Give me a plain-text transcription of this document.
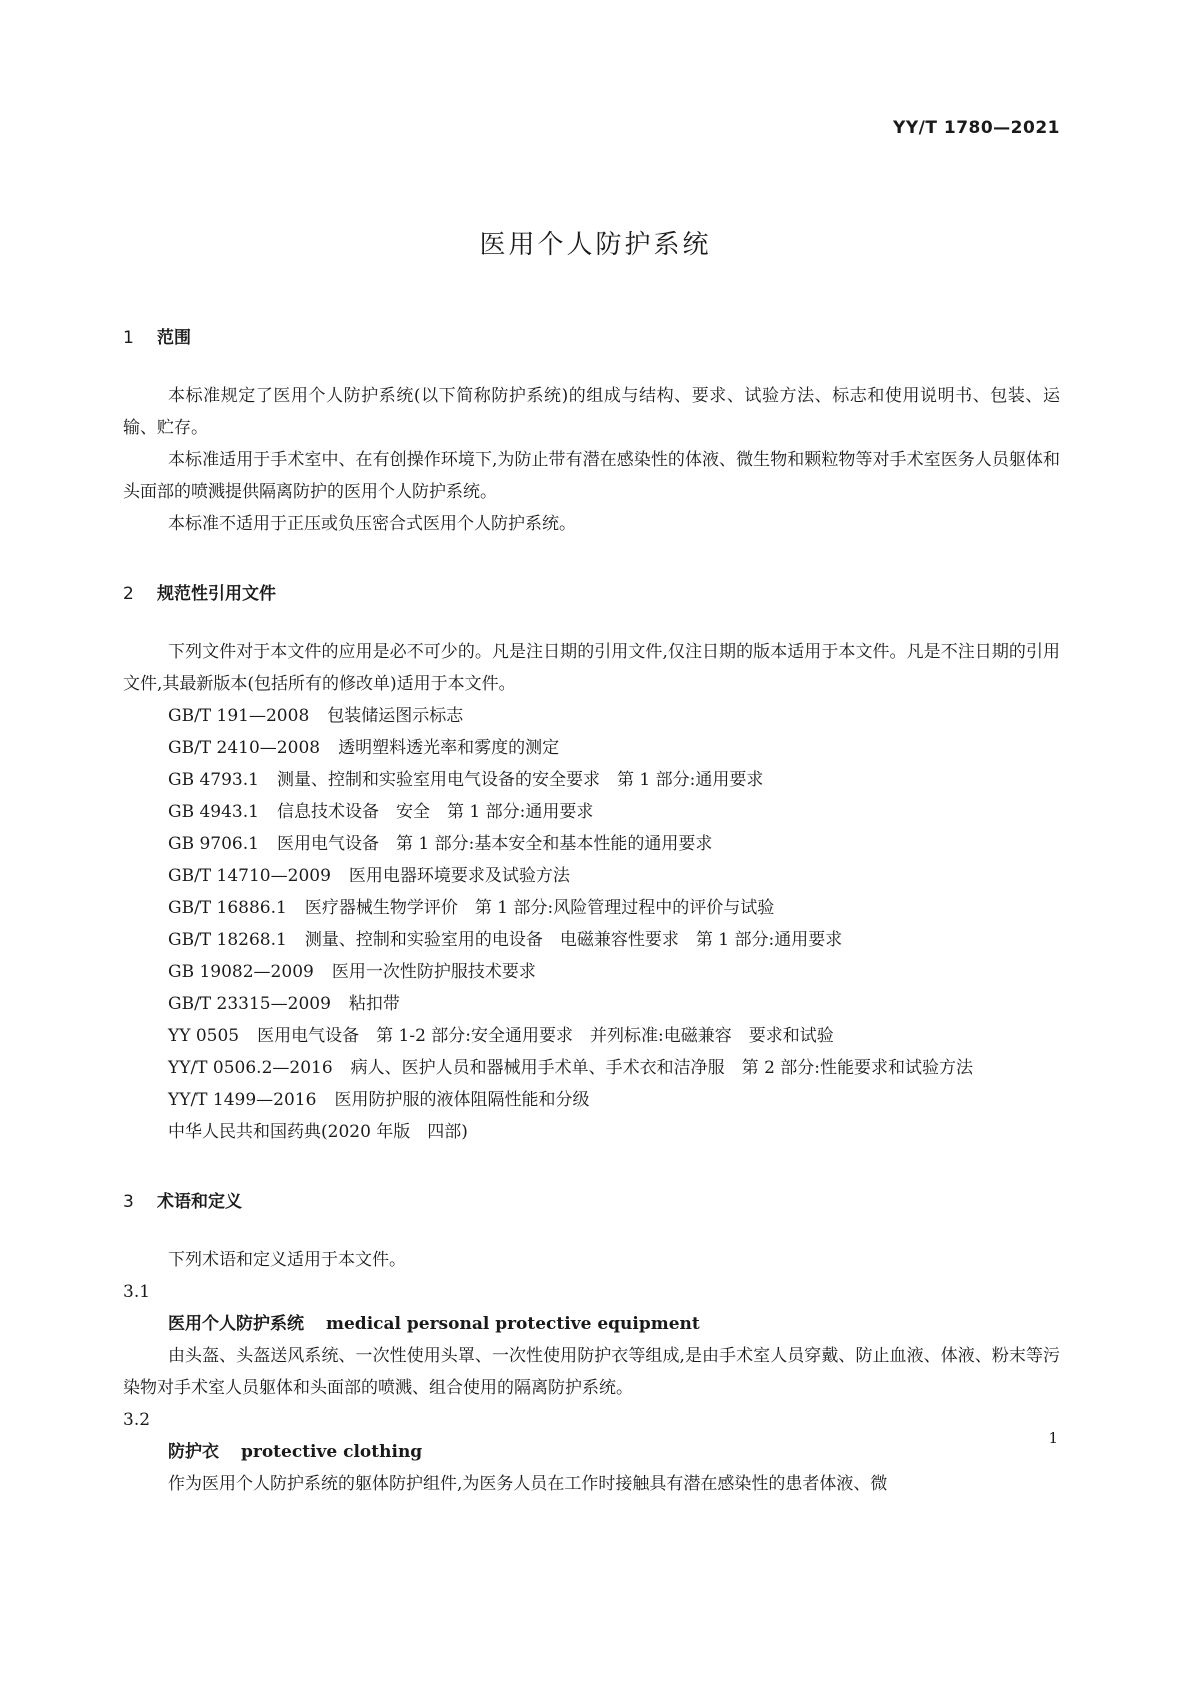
YY/T 1780—2021
医用个人防护系统
1 范围

本标准规定了医用个人防护系统(以下简称防护系统)的组成与结构、要求、试验方法、标志和使用说明书、包装、运输、贮存。

本标准适用于手术室中、在有创操作环境下,为防止带有潜在感染性的体液、微生物和颗粒物等对手术室医务人员躯体和头面部的喷溅提供隔离防护的医用个人防护系统。

本标准不适用于正压或负压密合式医用个人防护系统。

2 规范性引用文件

下列文件对于本文件的应用是必不可少的。凡是注日期的引用文件,仅注日期的版本适用于本文件。凡是不注日期的引用文件,其最新版本(包括所有的修改单)适用于本文件。

GB/T 191—2008 包装储运图示标志
GB/T 2410—2008 透明塑料透光率和雾度的测定
GB 4793.1 测量、控制和实验室用电气设备的安全要求　第 1 部分:通用要求
GB 4943.1 信息技术设备　安全　第 1 部分:通用要求
GB 9706.1 医用电气设备　第 1 部分:基本安全和基本性能的通用要求
GB/T 14710—2009 医用电器环境要求及试验方法
GB/T 16886.1 医疗器械生物学评价　第 1 部分:风险管理过程中的评价与试验
GB/T 18268.1 测量、控制和实验室用的电设备　电磁兼容性要求　第 1 部分:通用要求
GB 19082—2009 医用一次性防护服技术要求
GB/T 23315—2009 粘扣带
YY 0505 医用电气设备　第 1-2 部分:安全通用要求　并列标准:电磁兼容　要求和试验
YY/T 0506.2—2016 病人、医护人员和器械用手术单、手术衣和洁净服　第 2 部分:性能要求和试验方法
YY/T 1499—2016 医用防护服的液体阻隔性能和分级
中华人民共和国药典(2020 年版　四部)
3 术语和定义

下列术语和定义适用于本文件。

3.1
医用个人防护系统 medical personal protective equipment

由头盔、头盔送风系统、一次性使用头罩、一次性使用防护衣等组成,是由手术室人员穿戴、防止血液、体液、粉末等污染物对手术室人员躯体和头面部的喷溅、组合使用的隔离防护系统。

3.2
防护衣 protective clothing

作为医用个人防护系统的躯体防护组件,为医务人员在工作时接触具有潜在感染性的患者体液、微

1
